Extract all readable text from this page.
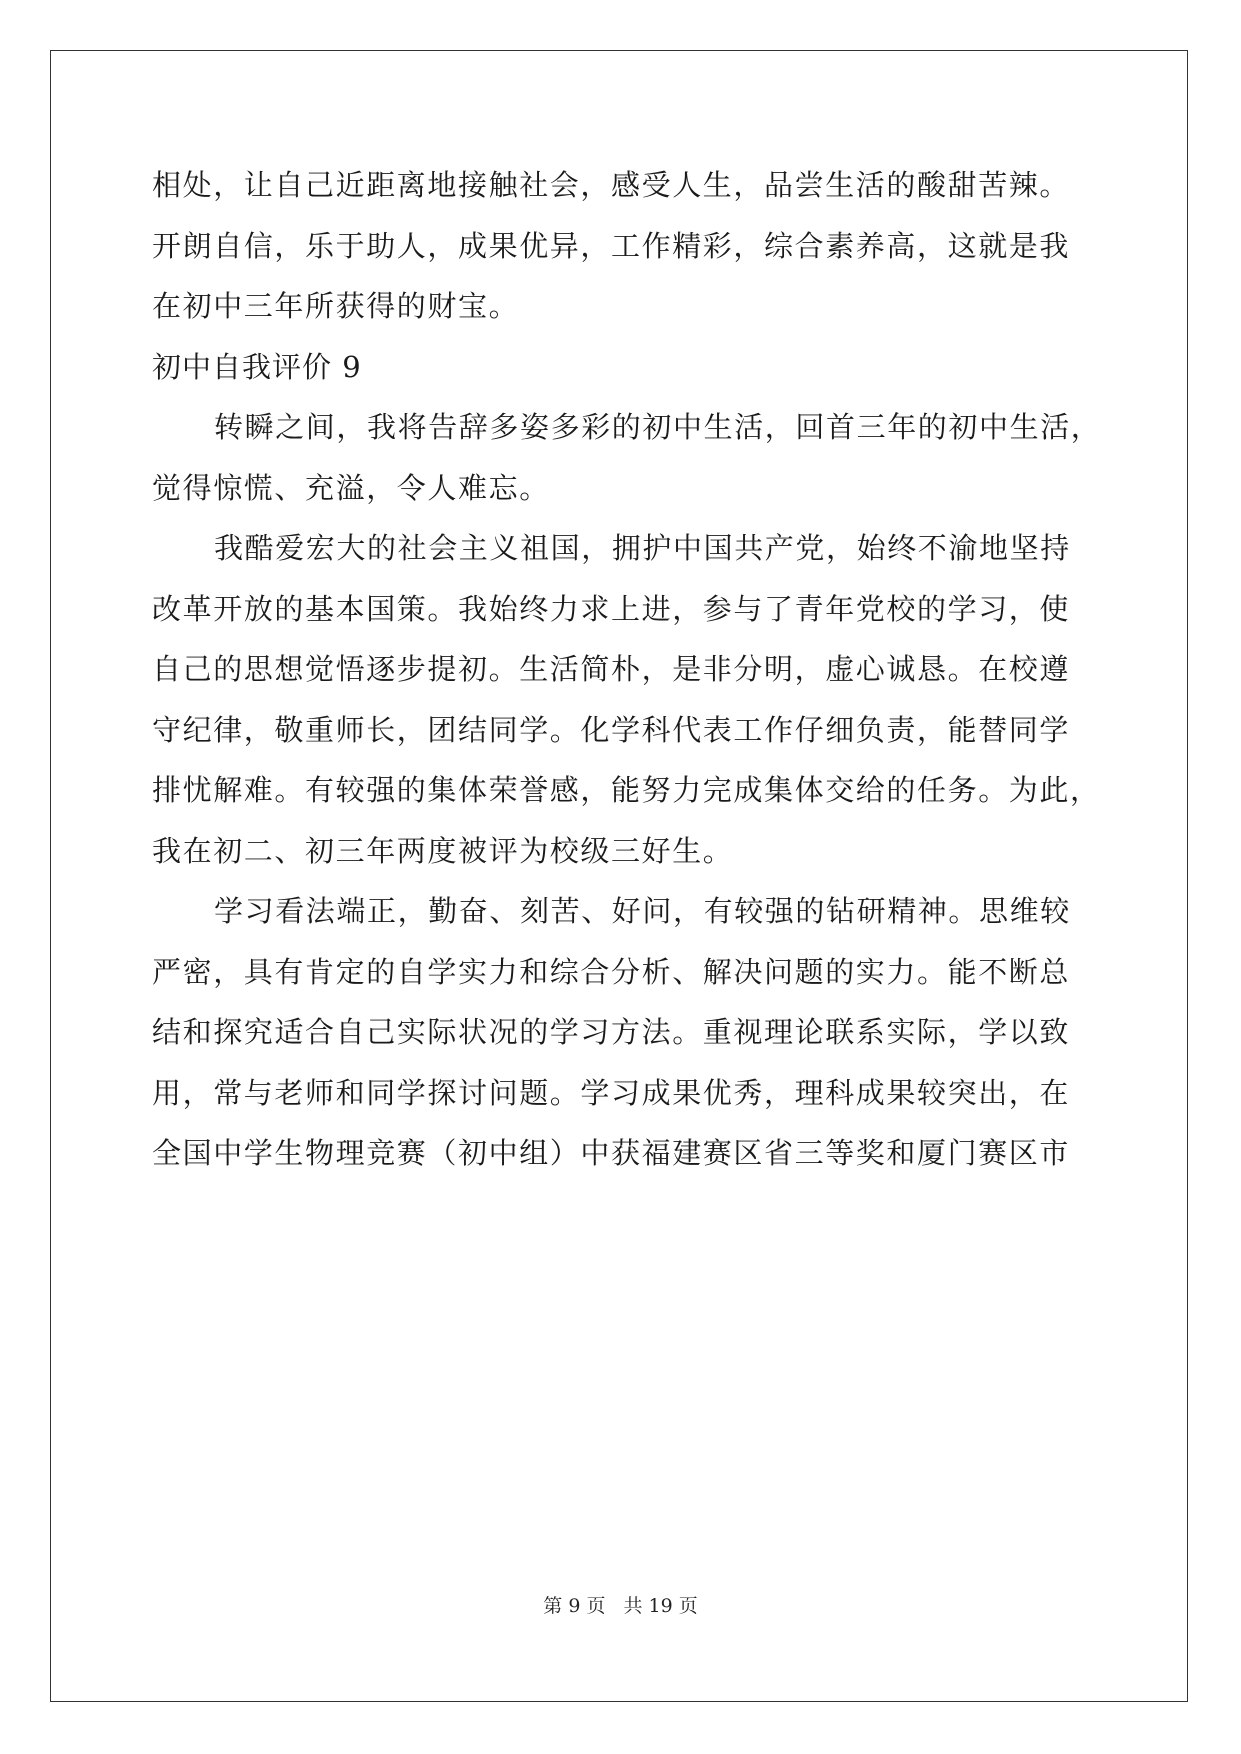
相处，让自己近距离地接触社会，感受人生，品尝生活的酸甜苦辣。
开朗自信，乐于助人，成果优异，工作精彩，综合素养高，这就是我
在初中三年所获得的财宝。
初中自我评价 9
转瞬之间，我将告辞多姿多彩的初中生活，回首三年的初中生活，
觉得惊慌、充溢，令人难忘。
我酷爱宏大的社会主义祖国，拥护中国共产党，始终不渝地坚持
改革开放的基本国策。我始终力求上进，参与了青年党校的学习，使
自己的思想觉悟逐步提初。生活简朴，是非分明，虚心诚恳。在校遵
守纪律，敬重师长，团结同学。化学科代表工作仔细负责，能替同学
排忧解难。有较强的集体荣誉感，能努力完成集体交给的任务。为此，
我在初二、初三年两度被评为校级三好生。
学习看法端正，勤奋、刻苦、好问，有较强的钻研精神。思维较
严密，具有肯定的自学实力和综合分析、解决问题的实力。能不断总
结和探究适合自己实际状况的学习方法。重视理论联系实际，学以致
用，常与老师和同学探讨问题。学习成果优秀，理科成果较突出，在
全国中学生物理竞赛（初中组）中获福建赛区省三等奖和厦门赛区市
第 9 页 共 19 页
